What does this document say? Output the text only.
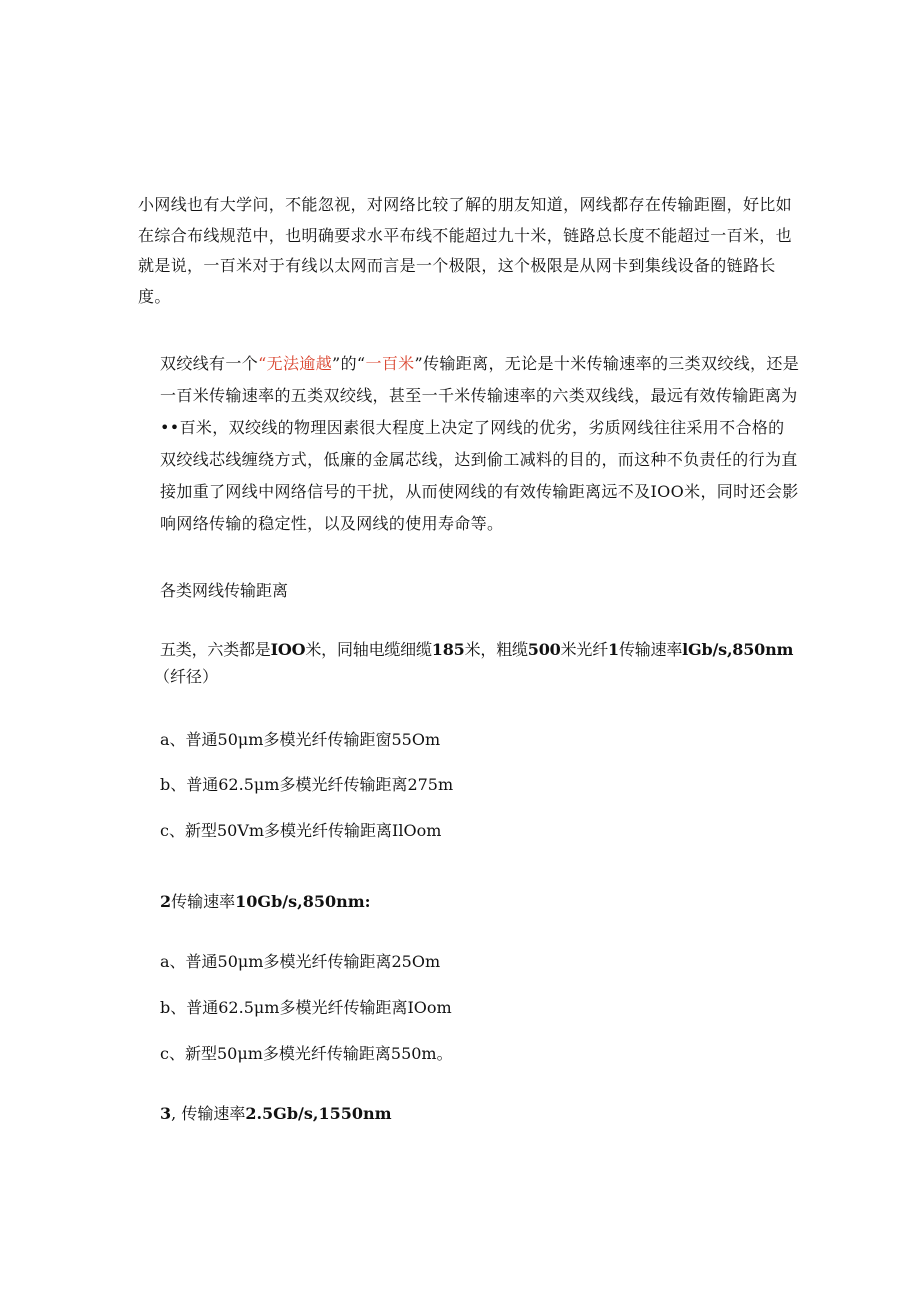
小网线也有大学问，不能忽视，对网络比较了解的朋友知道，网线都存在传输距圈，好比如在综合布线规范中，也明确要求水平布线不能超过九十米，链路总长度不能超过一百米，也就是说，一百米对于有线以太网而言是一个极限，这个极限是从网卡到集线设备的链路长度。

双绞线有一个“无法逾越”的“一百米”传输距离，无论是十米传输速率的三类双绞线，还是一百米传输速率的五类双绞线，甚至一千米传输速率的六类双线线，最远有效传输距离为••百米，双绞线的物理因素很大程度上决定了网线的优劣，劣质网线往往采用不合格的双绞线芯线缠绕方式，低廉的金属芯线，达到偷工减料的目的，而这种不负责任的行为直接加重了网线中网络信号的干扰，从而使网线的有效传输距离远不及IOO米，同时还会影响网络传输的稳定性，以及网线的使用寿命等。

各类网线传输距离

五类，六类都是IOO米，同轴电缆细缆185米，粗缆500米光纤1传输速率lGb∕s,850nm

（纤径）

a、普通50μm多模光纤传输距窗55Om

b、普通62.5μm多模光纤传输距离275m

c、新型50Vm多模光纤传输距离IlOom

2传输速率10Gb∕s,850nm:

a、普通50μm多模光纤传输距离25Om

b、普通62.5μm多模光纤传输距离IOom

c、新型50μm多模光纤传输距离550m。

3, 传输速率2.5Gb∕s,1550nm
